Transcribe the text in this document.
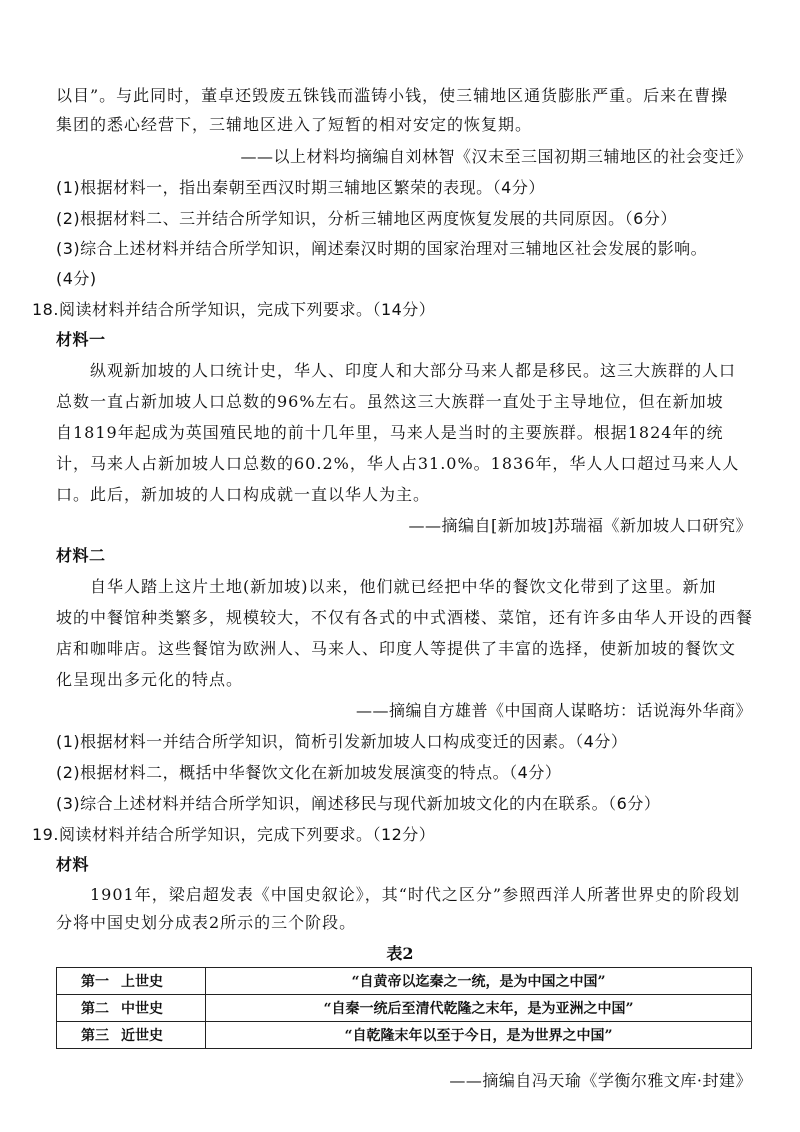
以目”。与此同时，董卓还毁废五铢钱而滥铸小钱，使三辅地区通货膨胀严重。后来在曹操
集团的悉心经营下，三辅地区进入了短暂的相对安定的恢复期。
——以上材料均摘编自刘林智《汉末至三国初期三辅地区的社会变迁》
(1)根据材料一，指出秦朝至西汉时期三辅地区繁荣的表现。（4分）
(2)根据材料二、三并结合所学知识，分析三辅地区两度恢复发展的共同原因。（6分）
(3)综合上述材料并结合所学知识，阐述秦汉时期的国家治理对三辅地区社会发展的影响。
(4分)
18.阅读材料并结合所学知识，完成下列要求。（14分）
材料一
纵观新加坡的人口统计史，华人、印度人和大部分马来人都是移民。这三大族群的人口
总数一直占新加坡人口总数的96%左右。虽然这三大族群一直处于主导地位，但在新加坡
自1819年起成为英国殖民地的前十几年里，马来人是当时的主要族群。根据1824年的统
计，马来人占新加坡人口总数的60.2%，华人占31.0%。1836年，华人人口超过马来人人
口。此后，新加坡的人口构成就一直以华人为主。
——摘编自[新加坡]苏瑞福《新加坡人口研究》
材料二
自华人踏上这片土地(新加坡)以来，他们就已经把中华的餐饮文化带到了这里。新加
坡的中餐馆种类繁多，规模较大，不仅有各式的中式酒楼、菜馆，还有许多由华人开设的西餐
店和咖啡店。这些餐馆为欧洲人、马来人、印度人等提供了丰富的选择，使新加坡的餐饮文
化呈现出多元化的特点。
——摘编自方雄普《中国商人谋略坊：话说海外华商》
(1)根据材料一并结合所学知识，简析引发新加坡人口构成变迁的因素。（4分）
(2)根据材料二，概括中华餐饮文化在新加坡发展演变的特点。（4分）
(3)综合上述材料并结合所学知识，阐述移民与现代新加坡文化的内在联系。（6分）
19.阅读材料并结合所学知识，完成下列要求。（12分）
材料
1901年，梁启超发表《中国史叙论》，其“时代之区分”参照西洋人所著世界史的阶段划
分将中国史划分成表2所示的三个阶段。
表2
第一 上世史	“自黄帝以迄秦之一统，是为中国之中国”
第二 中世史	“自秦一统后至清代乾隆之末年，是为亚洲之中国”
第三 近世史	“自乾隆末年以至于今日，是为世界之中国”
——摘编自冯天瑜《学衡尔雅文库·封建》
